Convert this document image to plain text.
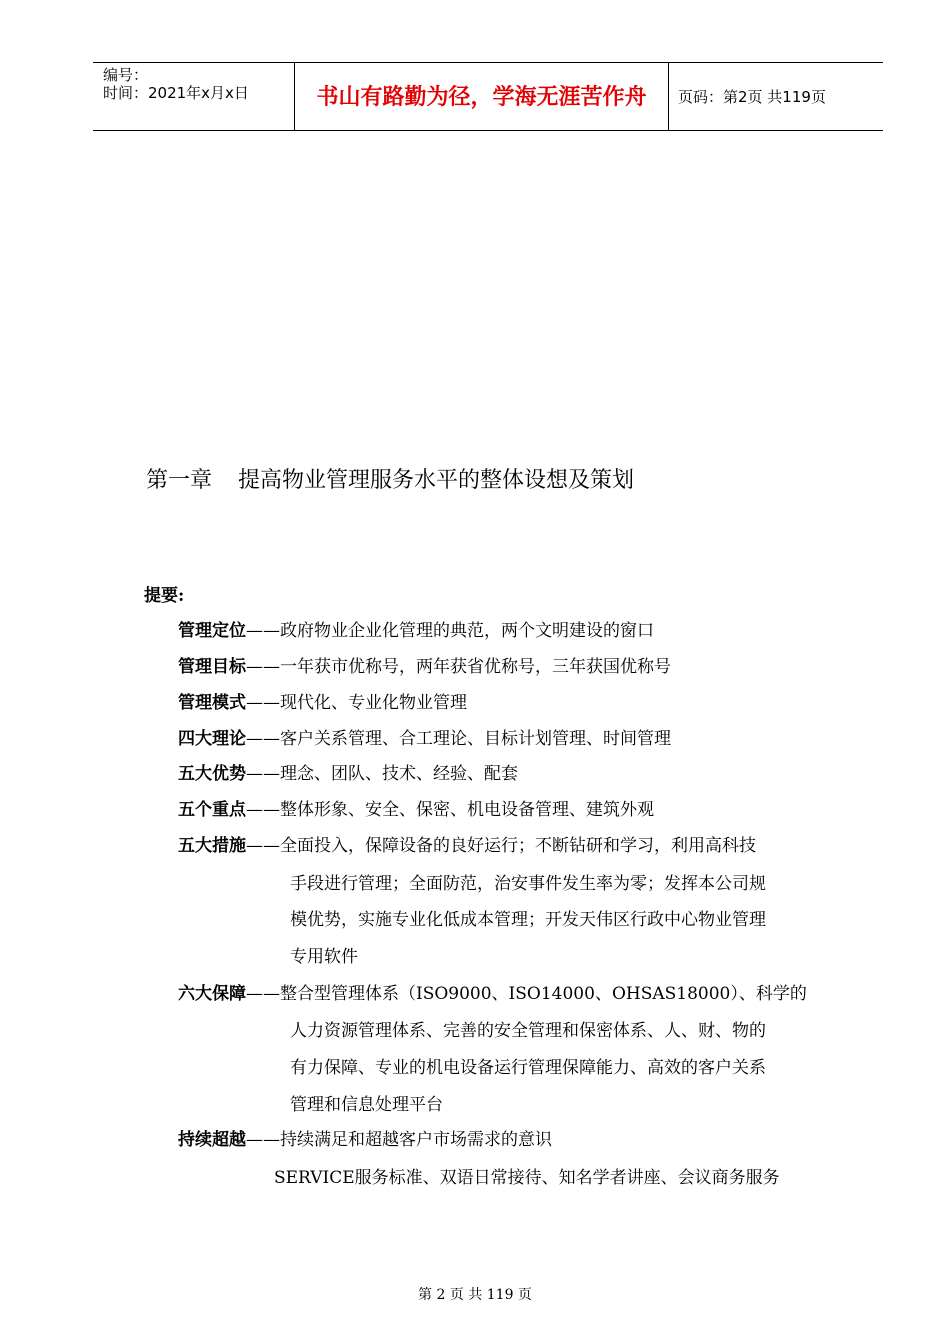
编号：
时间：2021年x月x日	书山有路勤为径，学海无涯苦作舟	页码：第2页 共119页
第一章 提高物业管理服务水平的整体设想及策划
提要:
管理定位——政府物业企业化管理的典范，两个文明建设的窗口
管理目标——一年获市优称号，两年获省优称号，三年获国优称号
管理模式——现代化、专业化物业管理
四大理论——客户关系管理、合工理论、目标计划管理、时间管理
五大优势——理念、团队、技术、经验、配套
五个重点——整体形象、安全、保密、机电设备管理、建筑外观
五大措施——全面投入，保障设备的良好运行；不断钻研和学习，利用高科技
手段进行管理；全面防范，治安事件发生率为零；发挥本公司规
模优势，实施专业化低成本管理；开发天伟区行政中心物业管理
专用软件
六大保障——整合型管理体系（ISO9000、ISO14000、OHSAS18000）、科学的
人力资源管理体系、完善的安全管理和保密体系、人、财、物的
有力保障、专业的机电设备运行管理保障能力、高效的客户关系
管理和信息处理平台
持续超越——持续满足和超越客户市场需求的意识
SERVICE服务标准、双语日常接待、知名学者讲座、会议商务服务
第 2 页 共 119 页
